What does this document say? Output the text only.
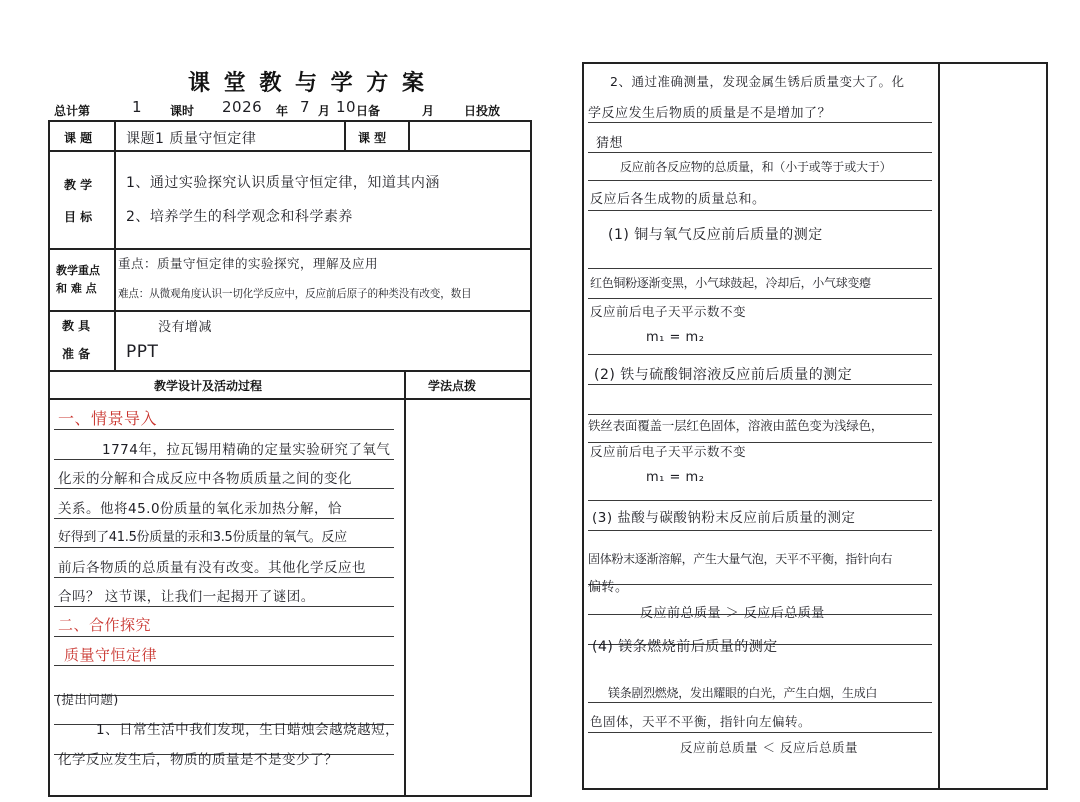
课 堂 教 与 学 方 案
总计第	1 课时 2026 年 7 月 10 日备	月 日投放
课 题 课题1 质量守恒定律	课 型
教 学
目 标
1、通过实验探究认识质量守恒定律，知道其内涵
2、培养学生的科学观念和科学素养
教学重点
和 难 点
重点：质量守恒定律的实验探究，理解及应用
难点：从微观角度认识一切化学反应中，反应前后原子的种类没有改变，数目
教 具
准 备
没有增减
PPT
教学设计及活动过程	学法点拨
一、情景导入
1774年，拉瓦锡用精确的定量实验研究了氧气
化汞的分解和合成反应中各物质质量之间的变化
关系。他将45.0份质量的氧化汞加热分解，恰
好得到了41.5份质量的汞和3.5份质量的氧气。反应
前后各物质的总质量有没有改变。其他化学反应也
合吗？ 这节课，让我们一起揭开了谜团。
二、合作探究
质量守恒定律
(提出问题)
1、日常生活中我们发现，生日蜡烛会越烧越短，
化学反应发生后，物质的质量是不是变少了？
2、通过准确测量，发现金属生锈后质量变大了。化
学反应发生后物质的质量是不是增加了？
猜想
反应前各反应物的总质量，和（小于或等于或大于）
反应后各生成物的质量总和。
(1) 铜与氧气反应前后质量的测定
红色铜粉逐渐变黑，小气球鼓起，冷却后，小气球变瘪
反应前后电子天平示数不变
m₁ = m₂
(2) 铁与硫酸铜溶液反应前后质量的测定
铁丝表面覆盖一层红色固体，溶液由蓝色变为浅绿色，
反应前后电子天平示数不变
m₁ = m₂
(3) 盐酸与碳酸钠粉末反应前后质量的测定
固体粉末逐渐溶解，产生大量气泡，天平不平衡，指针向右
偏转。
反应前总质量 ＞ 反应后总质量
(4) 镁条燃烧前后质量的测定
镁条剧烈燃烧，发出耀眼的白光，产生白烟，生成白
色固体，天平不平衡，指针向左偏转。
反应前总质量 ＜ 反应后总质量
